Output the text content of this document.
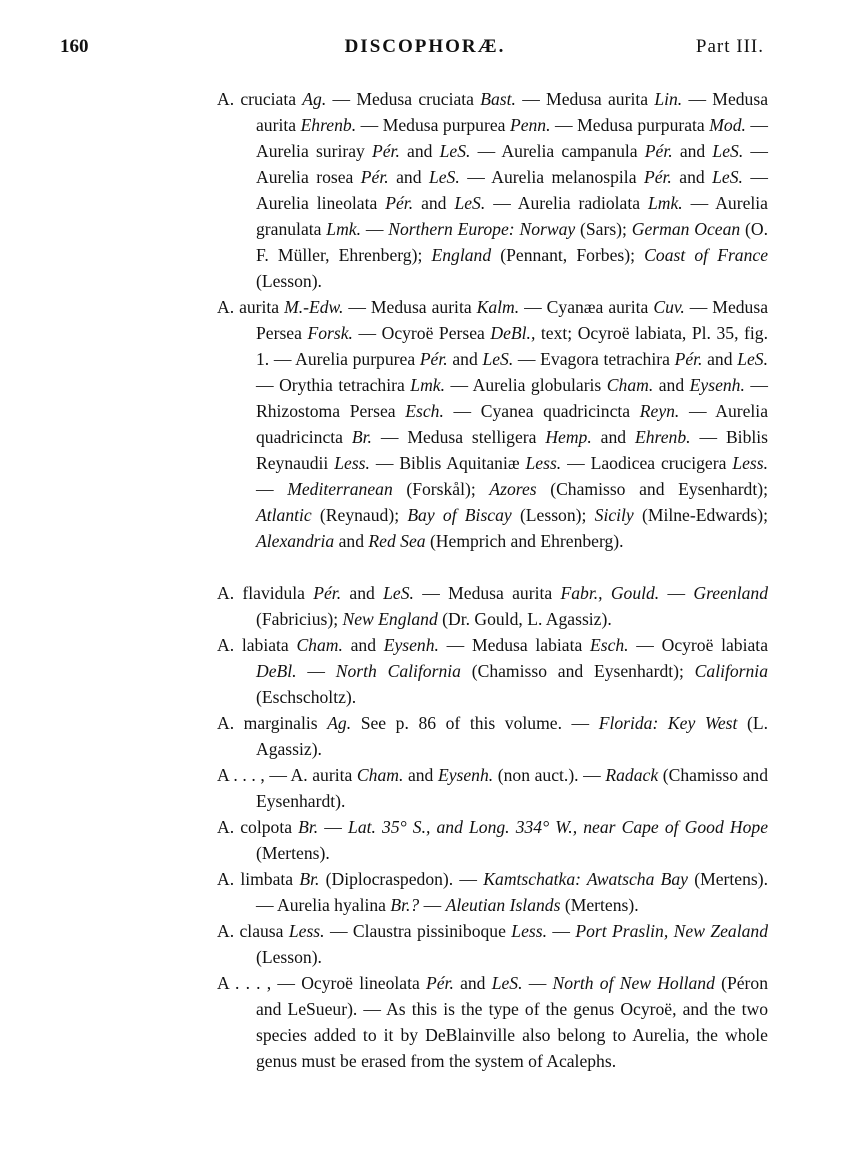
160	DISCOPHORÆ.	Part III.

A. cruciata Ag. — Medusa cruciata Bast. — Medusa aurita Lin. — Medusa aurita Ehrenb. — Medusa purpurea Penn. — Medusa purpurata Mod. — Aurelia suriray Pér. and LeS. — Aurelia campanula Pér. and LeS. — Aurelia rosea Pér. and LeS. — Aurelia melanospila Pér. and LeS. — Aurelia lineolata Pér. and LeS. — Aurelia radiolata Lmk. — Aurelia granulata Lmk. — Northern Europe: Norway (Sars); German Ocean (O. F. Müller, Ehrenberg); England (Pennant, Forbes); Coast of France (Lesson).

A. aurita M.-Edw. — Medusa aurita Kalm. — Cyanæa aurita Cuv. — Medusa Persea Forsk. — Ocyroë Persea DeBl., text; Ocyroë labiata, Pl. 35, fig. 1. — Aurelia purpurea Pér. and LeS. — Evagora tetrachira Pér. and LeS. — Orythia tetrachira Lmk. — Aurelia globularis Cham. and Eysenh. — Rhizostoma Persea Esch. — Cyanea quadricincta Reyn. — Aurelia quadricincta Br. — Medusa stelligera Hemp. and Ehrenb. — Biblis Reynaudii Less. — Biblis Aquitaniæ Less. — Laodicea crucigera Less. — Mediterranean (Forskål); Azores (Chamisso and Eysenhardt); Atlantic (Reynaud); Bay of Biscay (Lesson); Sicily (Milne-Edwards); Alexandria and Red Sea (Hemprich and Ehrenberg).

A. flavidula Pér. and LeS. — Medusa aurita Fabr., Gould. — Greenland (Fabricius); New England (Dr. Gould, L. Agassiz).

A. labiata Cham. and Eysenh. — Medusa labiata Esch. — Ocyroë labiata DeBl. — North California (Chamisso and Eysenhardt); California (Eschscholtz).

A. marginalis Ag. See p. 86 of this volume. — Florida: Key West (L. Agassiz).

A . . . , — A. aurita Cham. and Eysenh. (non auct.). — Radack (Chamisso and Eysenhardt).

A. colpota Br. — Lat. 35° S., and Long. 334° W., near Cape of Good Hope (Mertens).

A. limbata Br. (Diplocraspedon). — Kamtschatka: Awatscha Bay (Mertens). — Aurelia hyalina Br.? — Aleutian Islands (Mertens).

A. clausa Less. — Claustra pissiniboque Less. — Port Praslin, New Zealand (Lesson).

A . . . , — Ocyroë lineolata Pér. and LeS. — North of New Holland (Péron and LeSueur). — As this is the type of the genus Ocyroë, and the two species added to it by DeBlainville also belong to Aurelia, the whole genus must be erased from the system of Acalephs.
